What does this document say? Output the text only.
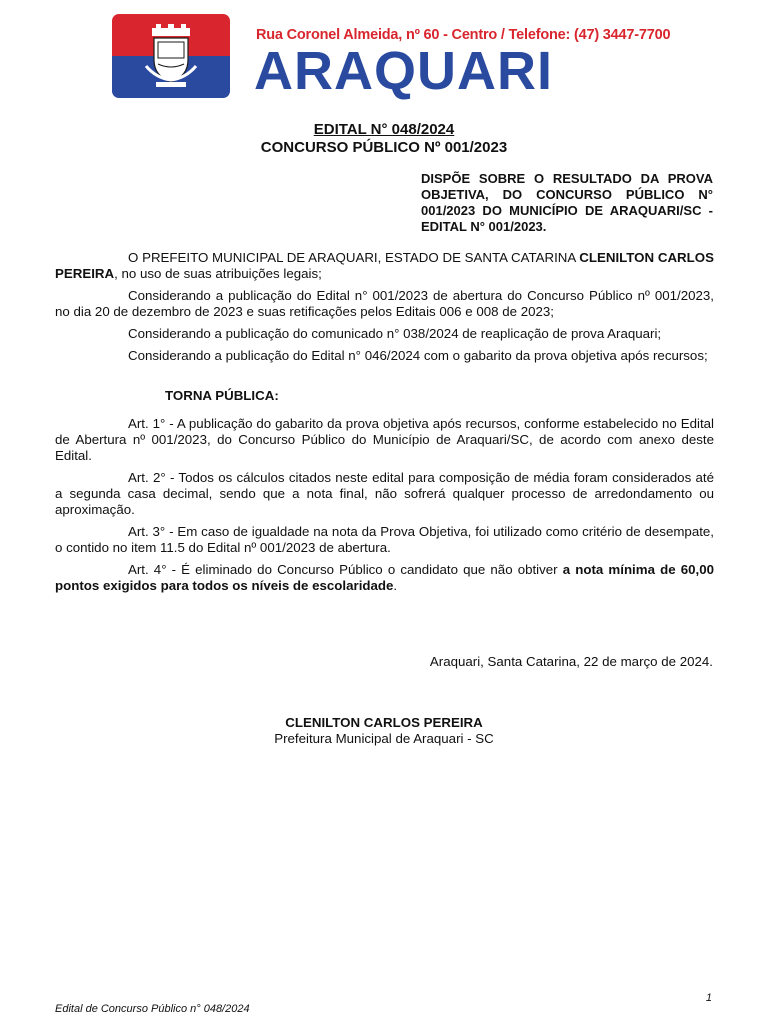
Rua Coronel Almeida, nº 60 - Centro / Telefone: (47) 3447-7700
ARAQUARI
EDITAL N° 048/2024
CONCURSO PÚBLICO Nº 001/2023
DISPÕE SOBRE O RESULTADO DA PROVA OBJETIVA, DO CONCURSO PÚBLICO N° 001/2023 DO MUNICÍPIO DE ARAQUARI/SC - EDITAL N° 001/2023.

O PREFEITO MUNICIPAL DE ARAQUARI, ESTADO DE SANTA CATARINA CLENILTON CARLOS PEREIRA, no uso de suas atribuições legais;

Considerando a publicação do Edital n° 001/2023 de abertura do Concurso Público nº 001/2023, no dia 20 de dezembro de 2023 e suas retificações pelos Editais 006 e 008 de 2023;

Considerando a publicação do comunicado n° 038/2024 de reaplicação de prova Araquari;

Considerando a publicação do Edital n° 046/2024 com o gabarito da prova objetiva após recursos;

TORNA PÚBLICA:

Art. 1° - A publicação do gabarito da prova objetiva após recursos, conforme estabelecido no Edital de Abertura nº 001/2023, do Concurso Público do Município de Araquari/SC, de acordo com anexo deste Edital.

Art. 2° - Todos os cálculos citados neste edital para composição de média foram considerados até a segunda casa decimal, sendo que a nota final, não sofrerá qualquer processo de arredondamento ou aproximação.

Art. 3° - Em caso de igualdade na nota da Prova Objetiva, foi utilizado como critério de desempate, o contido no item 11.5 do Edital nº 001/2023 de abertura.

Art. 4° - É eliminado do Concurso Público o candidato que não obtiver a nota mínima de 60,00 pontos exigidos para todos os níveis de escolaridade.

Araquari, Santa Catarina, 22 de março de 2024.
CLENILTON CARLOS PEREIRA
Prefeitura Municipal de Araquari - SC
Edital de Concurso Público n° 048/2024
1
